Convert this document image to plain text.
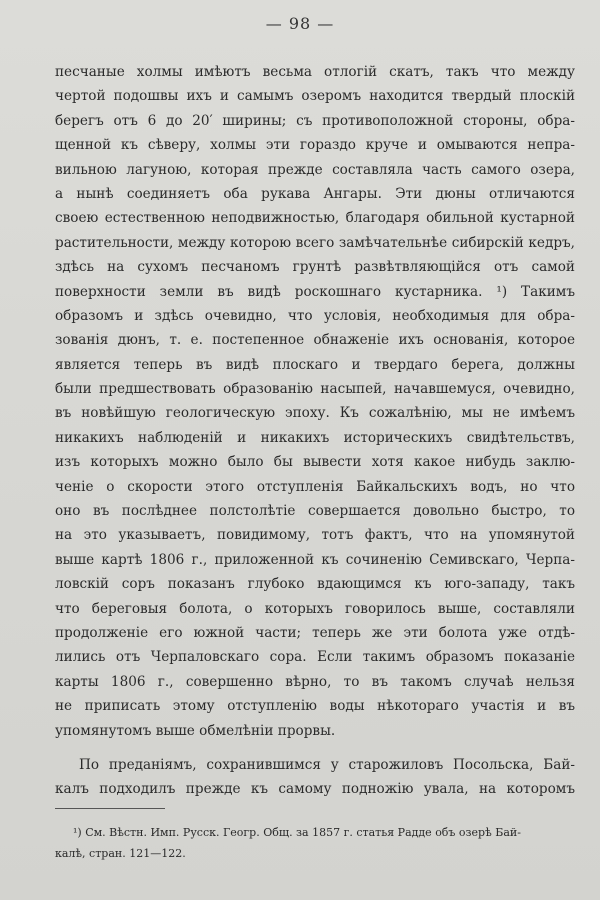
— 98 —
песчаные холмы имѣютъ весьма отлогій скатъ, такъ что между
чертой подошвы ихъ и самымъ озеромъ находится твердый плоскій
берегъ отъ 6 до 20′ ширины; съ противоположной стороны, обра-
щенной къ сѣверу, холмы эти гораздо круче и омываются непра-
вильною лагуною, которая прежде составляла часть самого озера,
а нынѣ соединяетъ оба рукава Ангары. Эти дюны отличаются
своею естественною неподвижностью, благодаря обильной кустарной
растительности, между которою всего замѣчательнѣе сибирскій кедръ,
здѣсь на сухомъ песчаномъ грунтѣ развѣтвляющійся отъ самой
поверхности земли въ видѣ роскошнаго кустарника. ¹) Такимъ
образомъ и здѣсь очевидно, что условія, необходимыя для обра-
зованія дюнъ, т. е. постепенное обнаженіе ихъ основанія, которое
является теперь въ видѣ плоскаго и твердаго берега, должны
были предшествовать образованію насыпей, начавшемуся, очевидно,
въ новѣйшую геологическую эпоху. Къ сожалѣнію, мы не имѣемъ
никакихъ наблюденій и никакихъ историческихъ свидѣтельствъ,
изъ которыхъ можно было бы вывести хотя какое нибудь заклю-
ченіе о скорости этого отступленія Байкальскихъ водъ, но что
оно въ послѣднее полстолѣтіе совершается довольно быстро, то
на это указываетъ, повидимому, тотъ фактъ, что на упомянутой
выше картѣ 1806 г., приложенной къ сочиненію Семивскаго, Черпа-
ловскій соръ показанъ глубоко вдающимся къ юго-западу, такъ
что береговыя болота, о которыхъ говорилось выше, составляли
продолженіе его южной части; теперь же эти болота уже отдѣ-
лились отъ Черпаловскаго сора. Если такимъ образомъ показаніе
карты 1806 г., совершенно вѣрно, то въ такомъ случаѣ нельзя
не приписать этому отступленію воды нѣкотораго участія и въ
упомянутомъ выше обмелѣніи прорвы.
По преданіямъ, сохранившимся у старожиловъ Посольска, Бай-
калъ подходилъ прежде къ самому подножію увала, на которомъ
¹) См. Вѣстн. Имп. Русск. Геогр. Общ. за 1857 г. статья Радде объ озерѣ Бай-
калѣ, стран. 121—122.
